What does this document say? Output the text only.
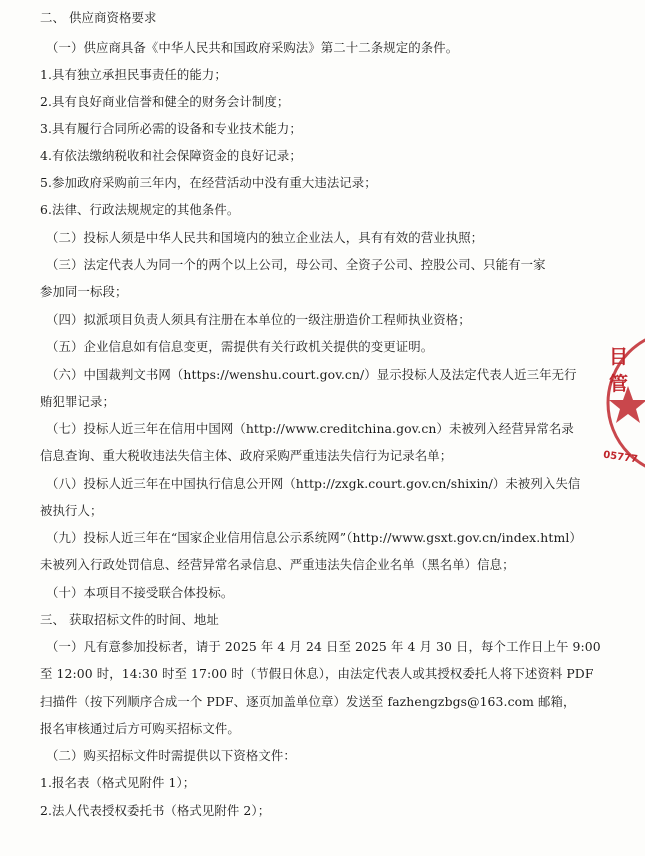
二、 供应商资格要求
（一）供应商具备《中华人民共和国政府采购法》第二十二条规定的条件。
1.具有独立承担民事责任的能力；
2.具有良好商业信誉和健全的财务会计制度；
3.具有履行合同所必需的设备和专业技术能力；
4.有依法缴纳税收和社会保障资金的良好记录；
5.参加政府采购前三年内，在经营活动中没有重大违法记录；
6.法律、行政法规规定的其他条件。
（二）投标人须是中华人民共和国境内的独立企业法人，具有有效的营业执照；
（三）法定代表人为同一个的两个以上公司，母公司、全资子公司、控股公司、只能有一家
参加同一标段；
（四）拟派项目负责人须具有注册在本单位的一级注册造价工程师执业资格；
（五）企业信息如有信息变更，需提供有关行政机关提供的变更证明。
（六）中国裁判文书网（https://wenshu.court.gov.cn/）显示投标人及法定代表人近三年无行
贿犯罪记录；
（七）投标人近三年在信用中国网（http://www.creditchina.gov.cn）未被列入经营异常名录
信息查询、重大税收违法失信主体、政府采购严重违法失信行为记录名单；
（八）投标人近三年在中国执行信息公开网（http://zxgk.court.gov.cn/shixin/）未被列入失信
被执行人；
（九）投标人近三年在“国家企业信用信息公示系统网”（http://www.gsxt.gov.cn/index.html）
未被列入行政处罚信息、经营异常名录信息、严重违法失信企业名单（黑名单）信息；
（十）本项目不接受联合体投标。
三、 获取招标文件的时间、地址
（一）凡有意参加投标者，请于 2025 年 4 月 24 日至 2025 年 4 月 30 日，每个工作日上午 9:00
至 12:00 时，14:30 时至 17:00 时（节假日休息），由法定代表人或其授权委托人将下述资料 PDF
扫描件（按下列顺序合成一个 PDF、逐页加盖单位章）发送至 fazhengzbgs@163.com 邮箱，
报名审核通过后方可购买招标文件。
（二）购买招标文件时需提供以下资格文件：
1.报名表（格式见附件 1）；
2.法人代表授权委托书（格式见附件 2）；
目管
05777
